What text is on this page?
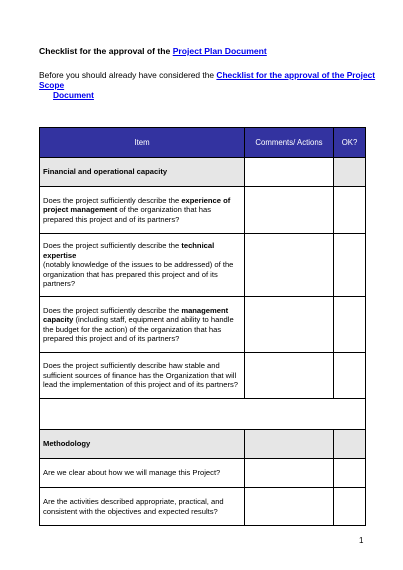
Checklist for the approval of the Project Plan Document
Before you should already have considered the Checklist for the approval of the Project Scope
Document
Item	Comments/ Actions	OK?
Financial and operational capacity		
Does the project sufficiently describe the experience of project management of the organization that has prepared this project and of its partners?		
Does the project sufficiently describe the technical expertise
(notably knowledge of the issues to be addressed) of the organization that has prepared this project and of its partners?		
Does the project sufficiently describe the management capacity (including staff, equipment and ability to handle the budget for the action) of the organization that has prepared this project and of its partners?		
Does the project sufficiently describe haw stable and sufficient sources of finance has the Organization that will lead the implementation of this project and of its partners?		

Methodology		
Are we clear about how we will manage this Project?		
Are the activities described appropriate, practical, and consistent with the objectives and expected results?		
1
